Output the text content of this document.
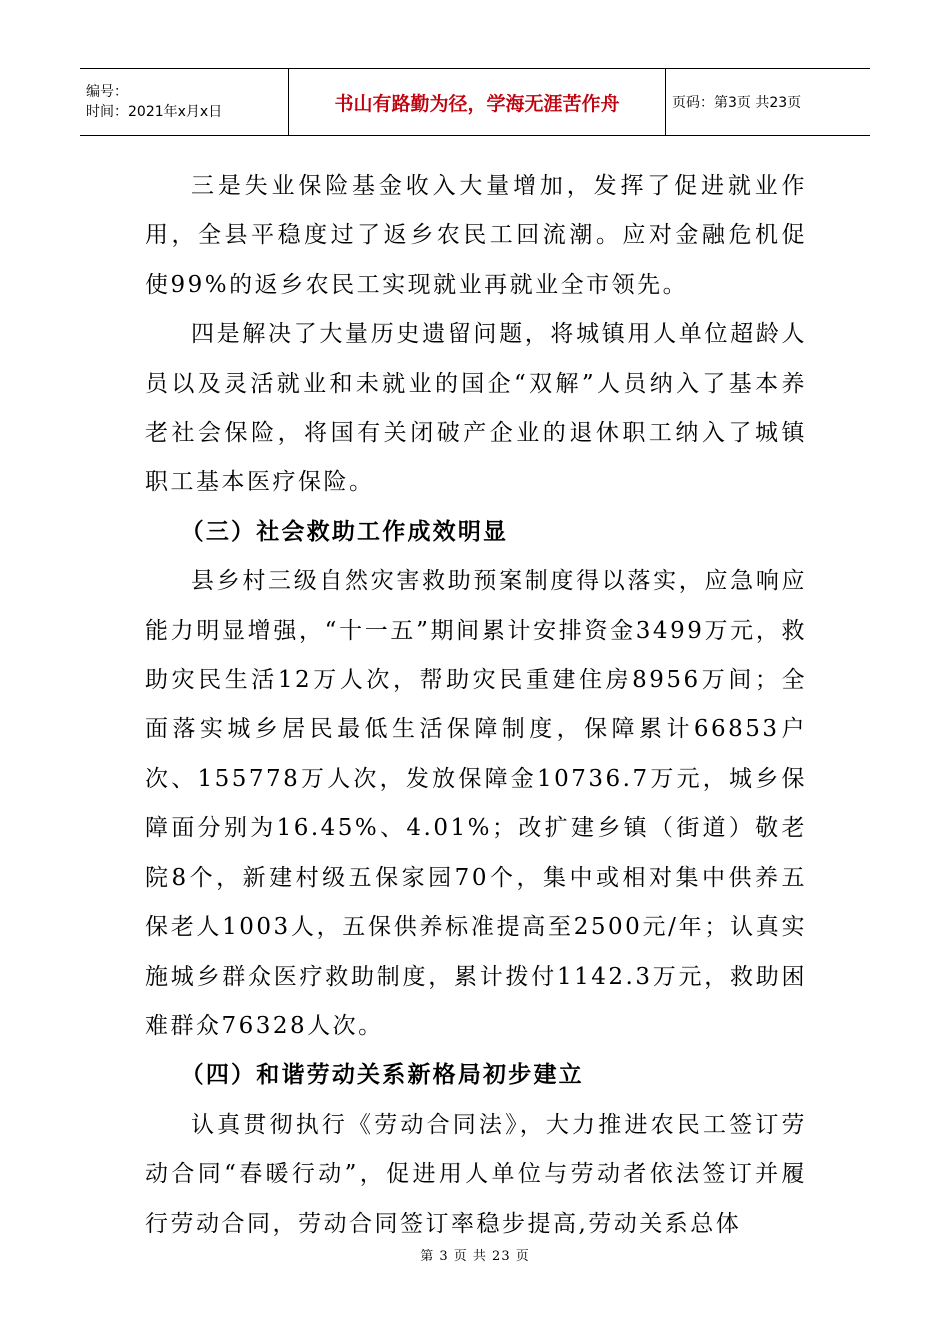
编号：
时间：2021年x月x日	书山有路勤为径，学海无涯苦作舟	页码：第3页 共23页

三是失业保险基金收入大量增加，发挥了促进就业作用，全县平稳度过了返乡农民工回流潮。应对金融危机促使99%的返乡农民工实现就业再就业全市领先。

四是解决了大量历史遗留问题，将城镇用人单位超龄人员以及灵活就业和未就业的国企“双解”人员纳入了基本养老社会保险，将国有关闭破产企业的退休职工纳入了城镇职工基本医疗保险。

（三）社会救助工作成效明显

县乡村三级自然灾害救助预案制度得以落实，应急响应能力明显增强，“十一五”期间累计安排资金3499万元，救助灾民生活12万人次，帮助灾民重建住房8956万间；全面落实城乡居民最低生活保障制度，保障累计66853户次、155778万人次，发放保障金10736.7万元，城乡保障面分别为16.45%、4.01%；改扩建乡镇（街道）敬老院8个，新建村级五保家园70个，集中或相对集中供养五保老人1003人，五保供养标准提高至2500元/年；认真实施城乡群众医疗救助制度，累计拨付1142.3万元，救助困难群众76328人次。

（四）和谐劳动关系新格局初步建立

认真贯彻执行《劳动合同法》，大力推进农民工签订劳动合同“春暖行动”，促进用人单位与劳动者依法签订并履行劳动合同，劳动合同签订率稳步提高,劳动关系总体

第 3 页 共 23 页
